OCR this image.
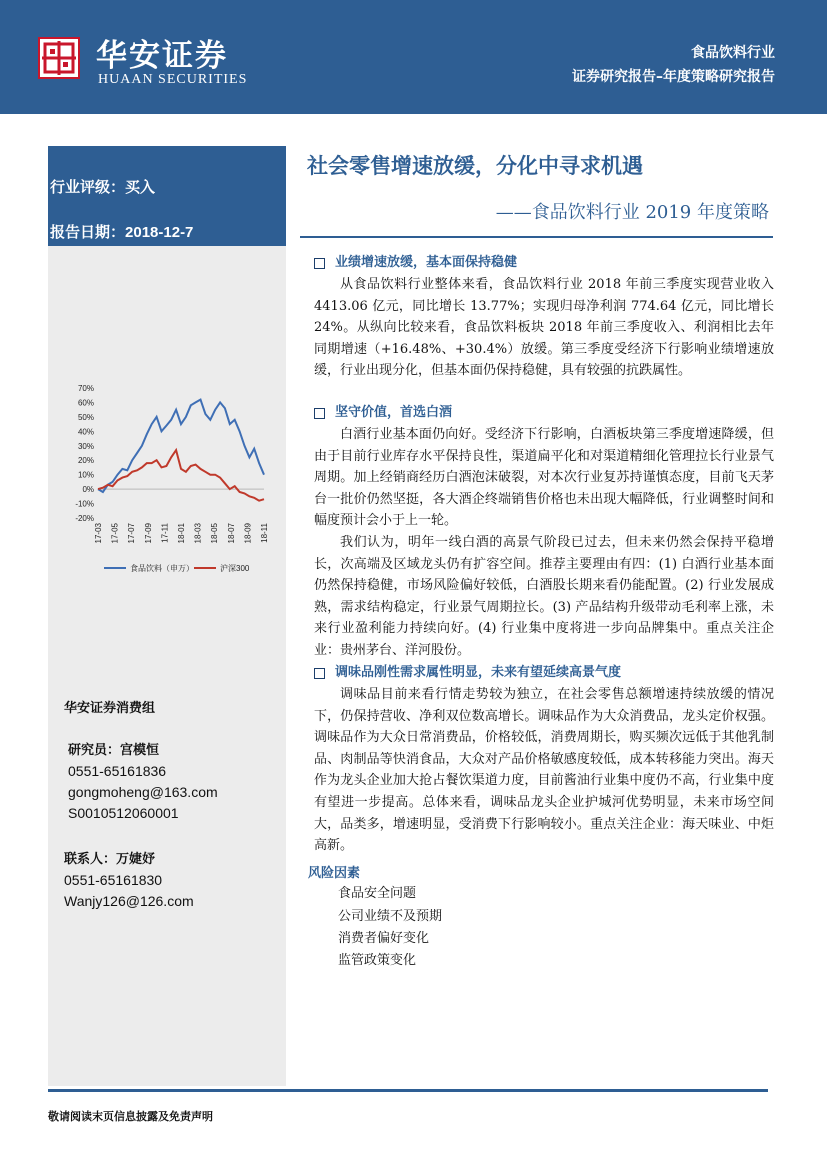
华安证券
HUAAN SECURITIES
食品饮料行业
证券研究报告–年度策略研究报告
行业评级：买入
报告日期：2018-12-7
70%
60%
50%
40%
30%
20%
10%
0%
-10%
-20%
17-03 17-05 17-07 17-09 17-11 18-01 18-03 18-05 18-07 18-09 18-11
食品饮料（申万）	沪深300
华安证券消费组
研究员：宫模恒
0551-65161836
gongmoheng@163.com
S0010512060001
联系人：万婕妤
0551-65161830
Wanjy126@126.com
社会零售增速放缓，分化中寻求机遇
——食品饮料行业 2019 年度策略
业绩增速放缓，基本面保持稳健

从食品饮料行业整体来看，食品饮料行业 2018 年前三季度实现营业收入 4413.06 亿元，同比增长 13.77%；实现归母净利润 774.64 亿元，同比增长 24%。从纵向比较来看，食品饮料板块 2018 年前三季度收入、利润相比去年同期增速（+16.48%、+30.4%）放缓。第三季度受经济下行影响业绩增速放缓，行业出现分化，但基本面仍保持稳健，具有较强的抗跌属性。

坚守价值，首选白酒

白酒行业基本面仍向好。受经济下行影响，白酒板块第三季度增速降缓，但由于目前行业库存水平保持良性，渠道扁平化和对渠道精细化管理拉长行业景气周期。加上经销商经历白酒泡沫破裂，对本次行业复苏持谨慎态度，目前飞天茅台一批价仍然坚挺，各大酒企终端销售价格也未出现大幅降低，行业调整时间和幅度预计会小于上一轮。

我们认为，明年一线白酒的高景气阶段已过去，但未来仍然会保持平稳增长，次高端及区域龙头仍有扩容空间。推荐主要理由有四：(1) 白酒行业基本面仍然保持稳健，市场风险偏好较低，白酒股长期来看仍能配置。(2) 行业发展成熟，需求结构稳定，行业景气周期拉长。(3) 产品结构升级带动毛利率上涨，未来行业盈利能力持续向好。(4) 行业集中度将进一步向品牌集中。重点关注企业：贵州茅台、洋河股份。

调味品刚性需求属性明显，未来有望延续高景气度

调味品目前来看行情走势较为独立，在社会零售总额增速持续放缓的情况下，仍保持营收、净利双位数高增长。调味品作为大众消费品，龙头定价权强。调味品作为大众日常消费品，价格较低，消费周期长，购买频次远低于其他乳制品、肉制品等快消食品，大众对产品价格敏感度较低，成本转移能力突出。海天作为龙头企业加大抢占餐饮渠道力度，目前酱油行业集中度仍不高，行业集中度有望进一步提高。总体来看，调味品龙头企业护城河优势明显，未来市场空间大，品类多，增速明显，受消费下行影响较小。重点关注企业：海天味业、中炬高新。

风险因素
食品安全问题
公司业绩不及预期
消费者偏好变化
监管政策变化
敬请阅读末页信息披露及免责声明
